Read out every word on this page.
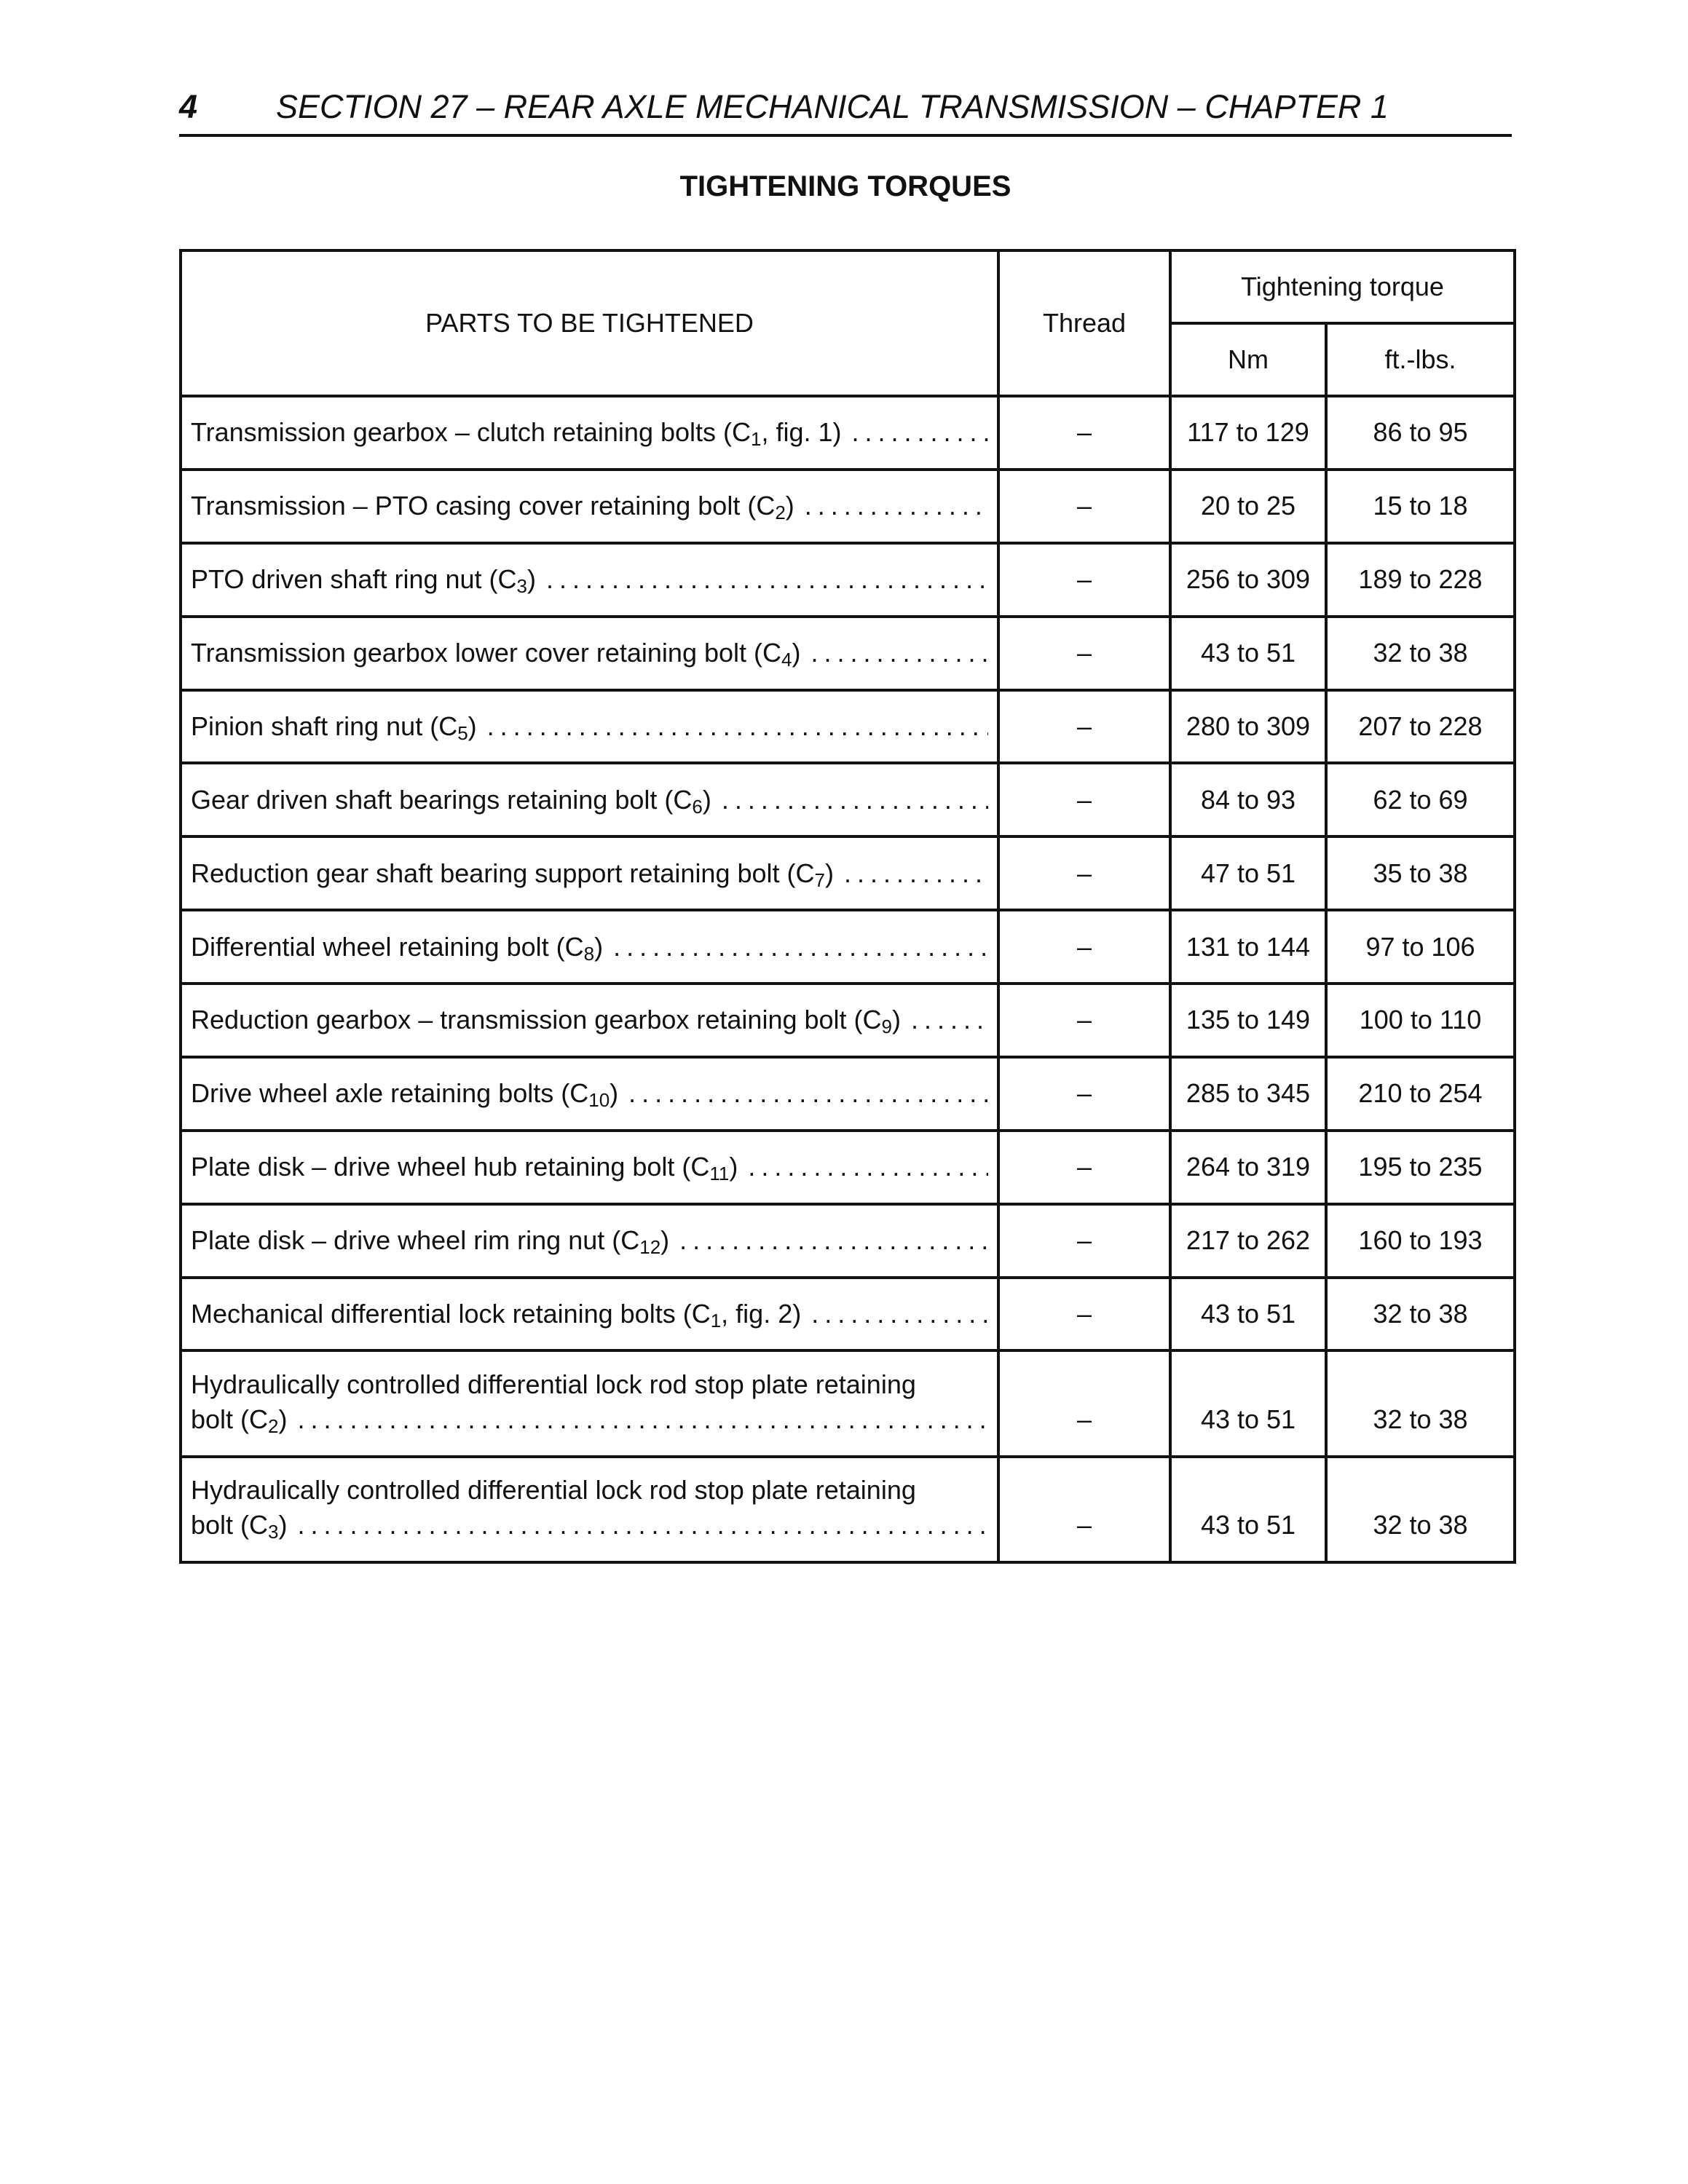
4 SECTION 27 – REAR AXLE MECHANICAL TRANSMISSION – CHAPTER 1
TIGHTENING TORQUES
PARTS TO BE TIGHTENED	Thread	Tightening torque	
		Nm	ft.-lbs.

Transmission gearbox – clutch retaining bolts ($C_1$, fig. 1)
.....	–	117 to 129	86 to 95

Transmission – PTO casing cover retaining bolt $(C_2)$
.....	–	20 to 25	15 to 18

PTO driven shaft ring nut $(C_3)$
.....	–	256 to 309	189 to 228

Transmission gearbox lower cover retaining bolt $(C_4)$
.....	–	43 to 51	32 to 38

Pinion shaft ring nut $(C_5)$
.....	–	280 to 309	207 to 228

Gear driven shaft bearings retaining bolt $(C_6)$
.....	–	84 to 93	62 to 69

Reduction gear shaft bearing support retaining bolt $(C_7)$
.....	–	47 to 51	35 to 38

Differential wheel retaining bolt $(C_8)$
.....	–	131 to 144	97 to 106

Reduction gearbox – transmission gearbox retaining bolt $(C_9)$
.....	–	135 to 149	100 to 110

Drive wheel axle retaining bolts $(C_{10})$
.....	–	285 to 345	210 to 254

Plate disk – drive wheel hub retaining bolt $(C_{11})$
.....	–	264 to 319	195 to 235

Plate disk – drive wheel rim ring nut $(C_{12})$
.....	–	217 to 262	160 to 193

Mechanical differential lock retaining bolts ($C_1$, fig. 2)
.....	–	43 to 51	32 to 38

Hydraulically controlled differential lock rod stop plate retaining
bolt $(C_2)$
.....	–	43 to 51	32 to 38

Hydraulically controlled differential lock rod stop plate retaining
bolt $(C_3)$
.....	–	43 to 51	32 to 38
